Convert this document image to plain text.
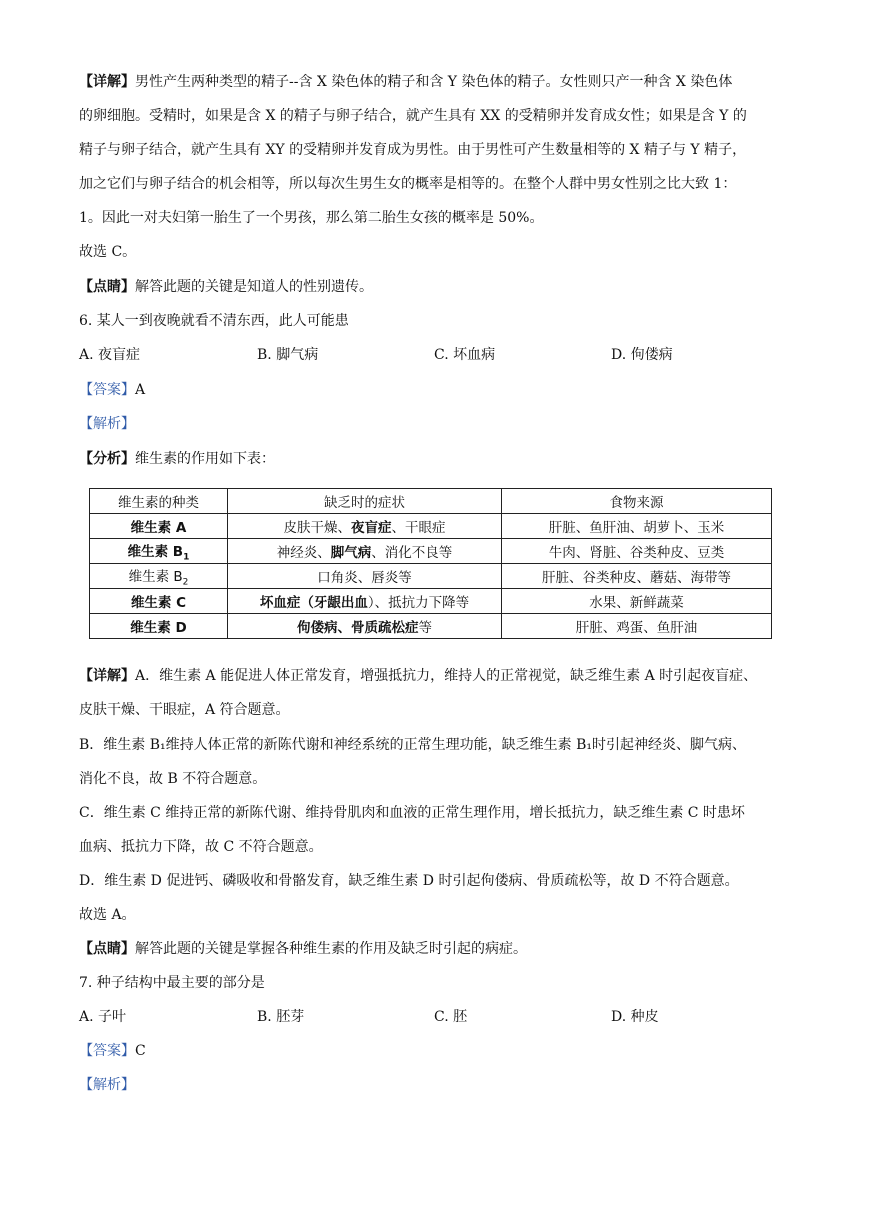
【详解】男性产生两种类型的精子--含 X 染色体的精子和含 Y 染色体的精子。女性则只产一种含 X 染色体
的卵细胞。受精时，如果是含 X 的精子与卵子结合，就产生具有 XX 的受精卵并发育成女性；如果是含 Y 的
精子与卵子结合，就产生具有 XY 的受精卵并发育成为男性。由于男性可产生数量相等的 X 精子与 Y 精子，
加之它们与卵子结合的机会相等，所以每次生男生女的概率是相等的。在整个人群中男女性别之比大致 1：
1。因此一对夫妇第一胎生了一个男孩，那么第二胎生女孩的概率是 50%。
故选 C。
【点睛】解答此题的关键是知道人的性别遗传。
6. 某人一到夜晚就看不清东西，此人可能患
A. 夜盲症	B. 脚气病	C. 坏血病	D. 佝偻病
【答案】A
【解析】
【分析】维生素的作用如下表：
维生素的种类	缺乏时的症状	食物来源
维生素 A	皮肤干燥、夜盲症、干眼症	肝脏、鱼肝油、胡萝卜、玉米
维生素 $B_1$	神经炎、脚气病、消化不良等	牛肉、肾脏、谷类种皮、豆类
维生素 $B_2$	口角炎、唇炎等	肝脏、谷类种皮、蘑菇、海带等
维生素 C	坏血症（牙龈出血）、抵抗力下降等	水果、新鲜蔬菜
维生素 D	佝偻病、骨质疏松症等	肝脏、鸡蛋、鱼肝油
【详解】A．维生素 A 能促进人体正常发育，增强抵抗力，维持人的正常视觉，缺乏维生素 A 时引起夜盲症、
皮肤干燥、干眼症，A 符合题意。
B．维生素 B₁维持人体正常的新陈代谢和神经系统的正常生理功能，缺乏维生素 B₁时引起神经炎、脚气病、
消化不良，故 B 不符合题意。
C．维生素 C 维持正常的新陈代谢、维持骨肌肉和血液的正常生理作用，增长抵抗力，缺乏维生素 C 时患坏
血病、抵抗力下降，故 C 不符合题意。
D．维生素 D 促进钙、磷吸收和骨骼发育，缺乏维生素 D 时引起佝偻病、骨质疏松等，故 D 不符合题意。
故选 A。
【点睛】解答此题的关键是掌握各种维生素的作用及缺乏时引起的病症。
7. 种子结构中最主要的部分是
A. 子叶	B. 胚芽	C. 胚	D. 种皮
【答案】C
【解析】
